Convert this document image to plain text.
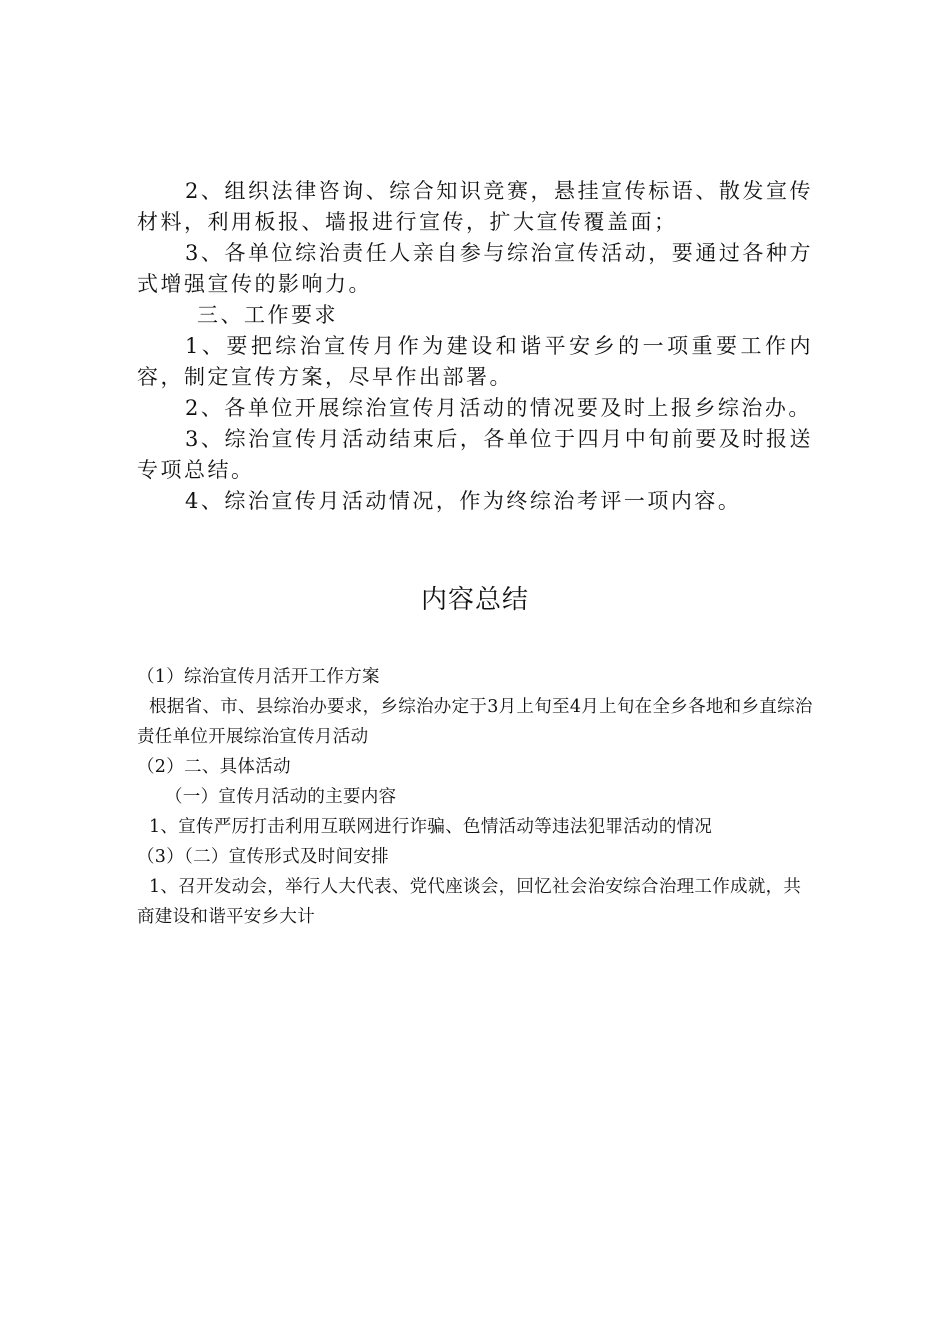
2、组织法律咨询、综合知识竞赛，悬挂宣传标语、散发宣传材料，利用板报、墙报进行宣传，扩大宣传覆盖面；

3、各单位综治责任人亲自参与综治宣传活动，要通过各种方式增强宣传的影响力。

三、工作要求

1、要把综治宣传月作为建设和谐平安乡的一项重要工作内容，制定宣传方案，尽早作出部署。

2、各单位开展综治宣传月活动的情况要及时上报乡综治办。

3、综治宣传月活动结束后，各单位于四月中旬前要及时报送专项总结。

4、综治宣传月活动情况，作为终综治考评一项内容。

内容总结

（1）综治宣传月活开工作方案

根据省、市、县综治办要求，乡综治办定于3月上旬至4月上旬在全乡各地和乡直综治责任单位开展综治宣传月活动

（2）二、具体活动

（一）宣传月活动的主要内容

1、宣传严厉打击利用互联网进行诈骗、色情活动等违法犯罪活动的情况

（3）（二）宣传形式及时间安排

1、召开发动会，举行人大代表、党代座谈会，回忆社会治安综合治理工作成就，共商建设和谐平安乡大计
